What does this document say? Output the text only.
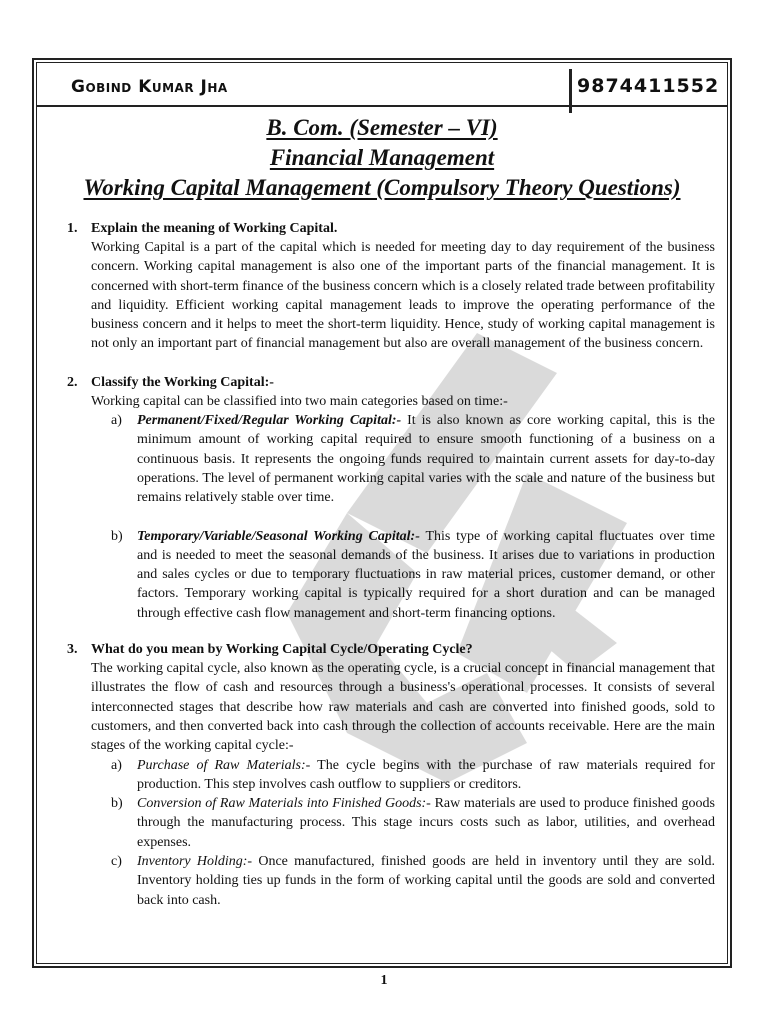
Gobind Kumar Jha	9874411552
B. Com. (Semester – VI)
Financial Management
Working Capital Management (Compulsory Theory Questions)
1. Explain the meaning of Working Capital.
Working Capital is a part of the capital which is needed for meeting day to day requirement of the business concern. Working capital management is also one of the important parts of the financial management. It is concerned with short-term finance of the business concern which is a closely related trade between profitability and liquidity. Efficient working capital management leads to improve the operating performance of the business concern and it helps to meet the short-term liquidity. Hence, study of working capital management is not only an important part of financial management but also are overall management of the business concern.
2. Classify the Working Capital:-
Working capital can be classified into two main categories based on time:-
a) Permanent/Fixed/Regular Working Capital:- It is also known as core working capital, this is the minimum amount of working capital required to ensure smooth functioning of a business on a continuous basis. It represents the ongoing funds required to maintain current assets for day-to-day operations. The level of permanent working capital varies with the scale and nature of the business but remains relatively stable over time.
b) Temporary/Variable/Seasonal Working Capital:- This type of working capital fluctuates over time and is needed to meet the seasonal demands of the business. It arises due to variations in production and sales cycles or due to temporary fluctuations in raw material prices, customer demand, or other factors. Temporary working capital is typically required for a short duration and can be managed through effective cash flow management and short-term financing options.
3. What do you mean by Working Capital Cycle/Operating Cycle?
The working capital cycle, also known as the operating cycle, is a crucial concept in financial management that illustrates the flow of cash and resources through a business's operational processes. It consists of several interconnected stages that describe how raw materials and cash are converted into finished goods, sold to customers, and then converted back into cash through the collection of accounts receivable. Here are the main stages of the working capital cycle:-
a) Purchase of Raw Materials:- The cycle begins with the purchase of raw materials required for production. This step involves cash outflow to suppliers or creditors.
b) Conversion of Raw Materials into Finished Goods:- Raw materials are used to produce finished goods through the manufacturing process. This stage incurs costs such as labor, utilities, and overhead expenses.
c) Inventory Holding:- Once manufactured, finished goods are held in inventory until they are sold. Inventory holding ties up funds in the form of working capital until the goods are sold and converted back into cash.
1
